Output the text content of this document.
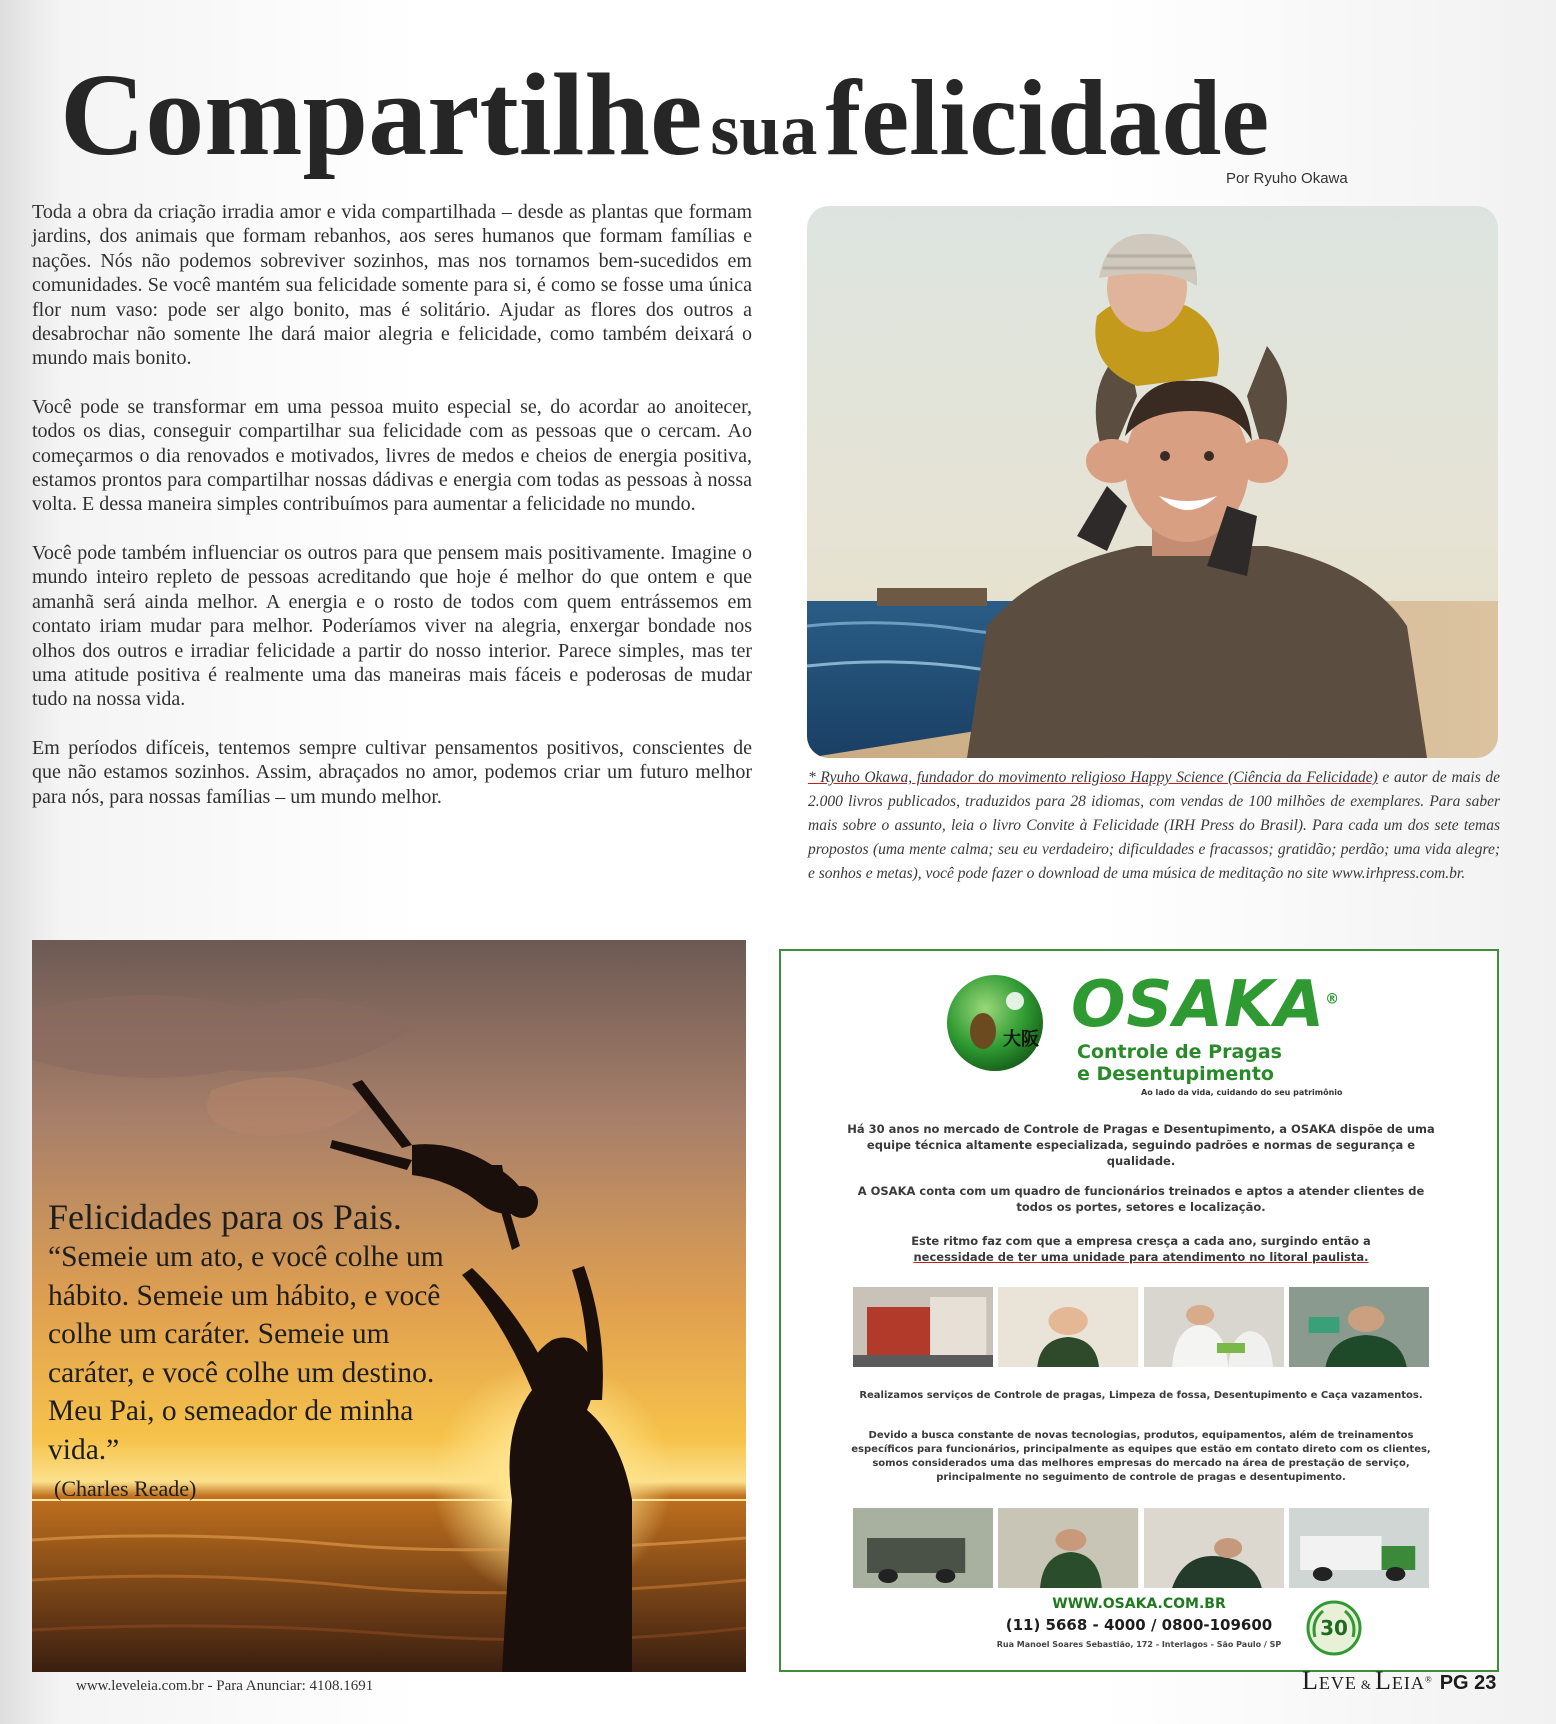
Compartilhe sua felicidade
Por Ryuho Okawa

Toda a obra da criação irradia amor e vida compartilhada – desde as plantas que formam jardins, dos animais que formam rebanhos, aos seres humanos que formam famílias e nações. Nós não podemos sobreviver sozinhos, mas nos tornamos bem-sucedidos em comunidades. Se você mantém sua felicidade somente para si, é como se fosse uma única flor num vaso: pode ser algo bonito, mas é solitário. Ajudar as flores dos outros a desabrochar não somente lhe dará maior alegria e felicidade, como também deixará o mundo mais bonito.

Você pode se transformar em uma pessoa muito especial se, do acordar ao anoitecer, todos os dias, conseguir compartilhar sua felicidade com as pessoas que o cercam. Ao começarmos o dia renovados e motivados, livres de medos e cheios de energia positiva, estamos prontos para compartilhar nossas dádivas e energia com todas as pessoas à nossa volta. E dessa maneira simples contribuímos para aumentar a felicidade no mundo.

Você pode também influenciar os outros para que pensem mais positivamente. Imagine o mundo inteiro repleto de pessoas acreditando que hoje é melhor do que ontem e que amanhã será ainda melhor. A energia e o rosto de todos com quem entrássemos em contato iriam mudar para melhor. Poderíamos viver na alegria, enxergar bondade nos olhos dos outros e irradiar felicidade a partir do nosso interior. Parece simples, mas ter uma atitude positiva é realmente uma das maneiras mais fáceis e poderosas de mudar tudo na nossa vida.

Em períodos difíceis, tentemos sempre cultivar pensamentos positivos, conscientes de que não estamos sozinhos. Assim, abraçados no amor, podemos criar um futuro melhor para nós, para nossas famílias – um mundo melhor.

* Ryuho Okawa, fundador do movimento religioso Happy Science (Ciência da Felicidade) e autor de mais de 2.000 livros publicados, traduzidos para 28 idiomas, com vendas de 100 milhões de exemplares. Para saber mais sobre o assunto, leia o livro Convite à Felicidade (IRH Press do Brasil). Para cada um dos sete temas propostos (uma mente calma; seu eu verdadeiro; dificuldades e fracassos; gratidão; perdão; uma vida alegre; e sonhos e metas), você pode fazer o download de uma música de meditação no site www.irhpress.com.br.
Felicidades para os Pais.
“Semeie um ato, e você colhe um hábito. Semeie um hábito, e você colhe um caráter. Semeie um caráter, e você colhe um destino. Meu Pai, o semeador de minha vida.”
(Charles Reade)
大阪 OSAKA®
Controle de Pragas
e Desentupimento
Ao lado da vida, cuidando do seu patrimônio
Há 30 anos no mercado de Controle de Pragas e Desentupimento, a OSAKA dispõe de uma equipe técnica altamente especializada, seguindo padrões e normas de segurança e qualidade.
A OSAKA conta com um quadro de funcionários treinados e aptos a atender clientes de todos os portes, setores e localização.
Este ritmo faz com que a empresa cresça a cada ano, surgindo então a
necessidade de ter uma unidade para atendimento no litoral paulista.
Realizamos serviços de Controle de pragas, Limpeza de fossa, Desentupimento e Caça vazamentos.
Devido a busca constante de novas tecnologias, produtos, equipamentos, além de treinamentos específicos para funcionários, principalmente as equipes que estão em contato direto com os clientes, somos considerados uma das melhores empresas do mercado na área de prestação de serviço, principalmente no seguimento de controle de pragas e desentupimento.
WWW.OSAKA.COM.BR
(11) 5668 - 4000 / 0800-109600
Rua Manoel Soares Sebastião, 172 - Interlagos - São Paulo / SP
30
www.leveleia.com.br - Para Anunciar: 4108.1691	Leve & Leia® PG 23
